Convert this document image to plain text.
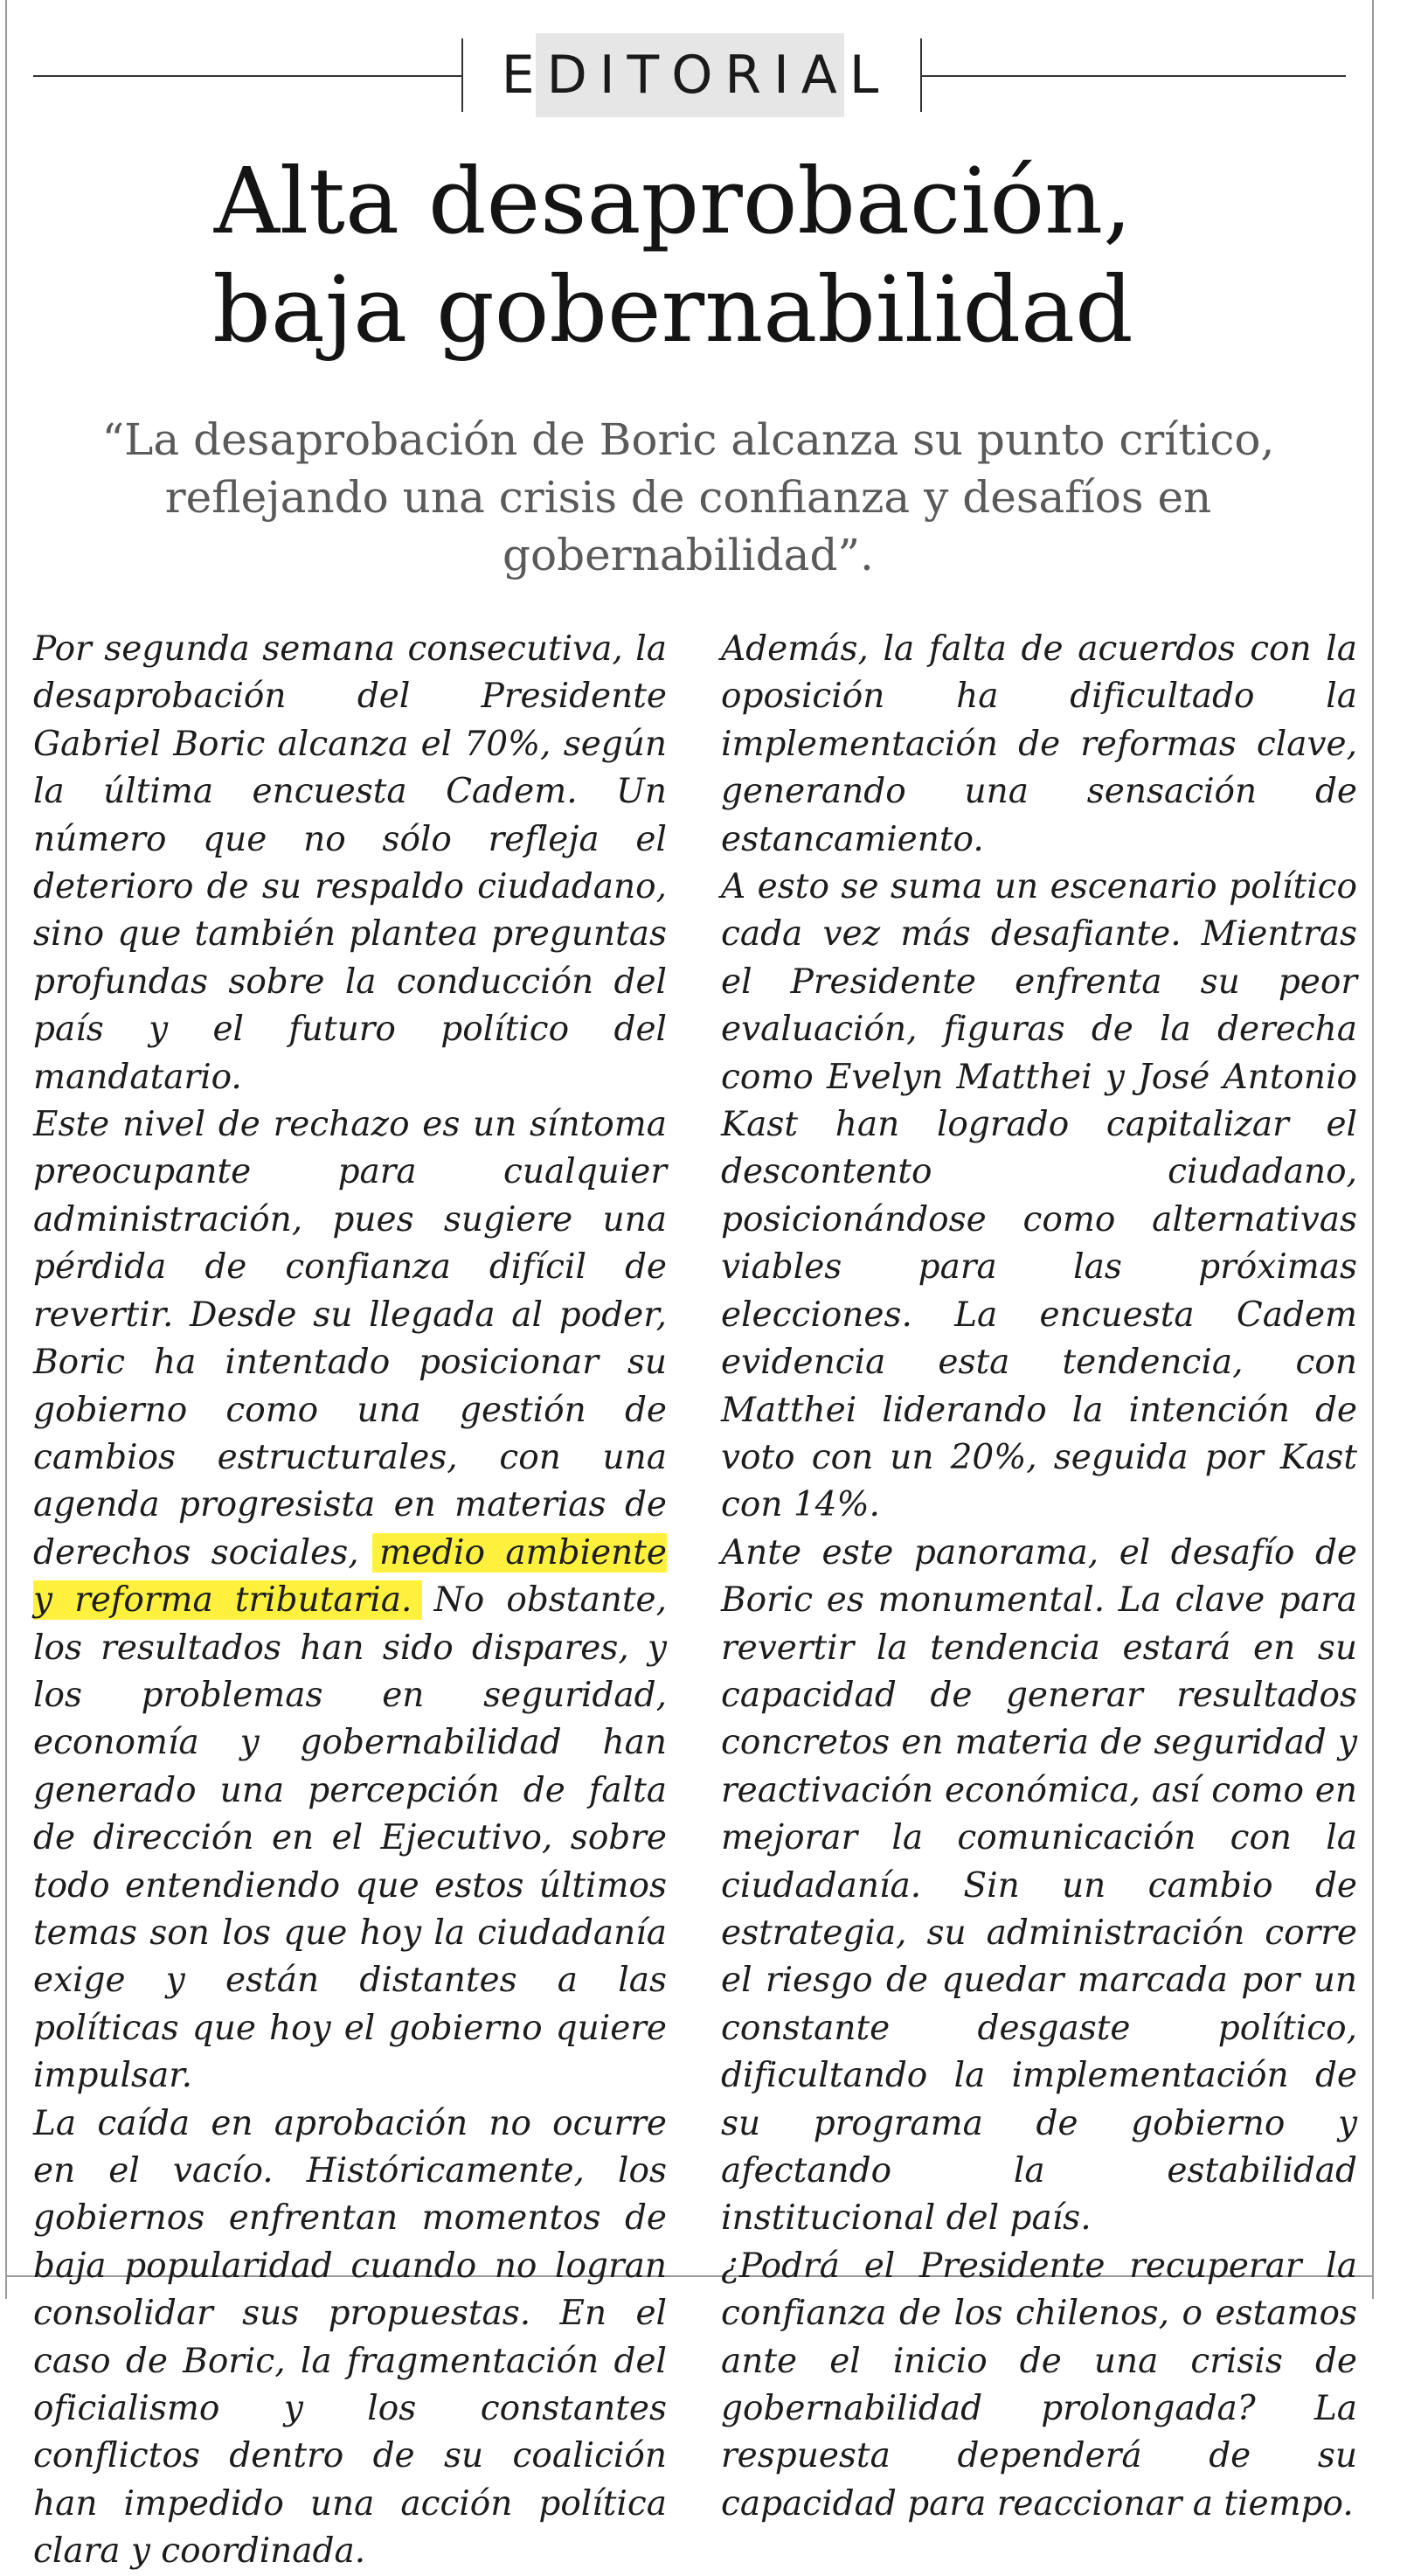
EDITORIAL
Alta desaprobación,
baja gobernabilidad

“La desaprobación de Boric alcanza su punto crítico, reflejando una crisis de confianza y desafíos en gobernabilidad”.

Por segunda semana consecutiva, la desaprobación del Presidente Gabriel Boric alcanza el 70%, según la última encuesta Cadem. Un número que no sólo refleja el deterioro de su respaldo ciudadano, sino que también plantea preguntas profundas sobre la conducción del país y el futuro político del mandatario.

Este nivel de rechazo es un síntoma preocupante para cualquier administración, pues sugiere una pérdida de confianza difícil de revertir. Desde su llegada al poder, Boric ha intentado posicionar su gobierno como una gestión de cambios estructurales, con una agenda progresista en materias de derechos sociales, medio ambiente y reforma tributaria. No obstante, los resultados han sido dispares, y los problemas en seguridad, economía y gobernabilidad han generado una percepción de falta de dirección en el Ejecutivo, sobre todo entendiendo que estos últimos temas son los que hoy la ciudadanía exige y están distantes a las políticas que hoy el gobierno quiere impulsar.

La caída en aprobación no ocurre en el vacío. Históricamente, los gobiernos enfrentan momentos de baja popularidad cuando no logran consolidar sus propuestas. En el caso de Boric, la fragmentación del oficialismo y los constantes conflictos dentro de su coalición han impedido una acción política clara y coordinada.

Además, la falta de acuerdos con la oposición ha dificultado la implementación de reformas clave, generando una sensación de estancamiento.

A esto se suma un escenario político cada vez más desafiante. Mientras el Presidente enfrenta su peor evaluación, figuras de la derecha como Evelyn Matthei y José Antonio Kast han logrado capitalizar el descontento ciudadano, posicionándose como alternativas viables para las próximas elecciones. La encuesta Cadem evidencia esta tendencia, con Matthei liderando la intención de voto con un 20%, seguida por Kast con 14%.

Ante este panorama, el desafío de Boric es monumental. La clave para revertir la tendencia estará en su capacidad de generar resultados concretos en materia de seguridad y reactivación económica, así como en mejorar la comunicación con la ciudadanía. Sin un cambio de estrategia, su administración corre el riesgo de quedar marcada por un constante desgaste político, dificultando la implementación de su programa de gobierno y afectando la estabilidad institucional del país.

¿Podrá el Presidente recuperar la confianza de los chilenos, o estamos ante el inicio de una crisis de gobernabilidad prolongada? La respuesta dependerá de su capacidad para reaccionar a tiempo.
